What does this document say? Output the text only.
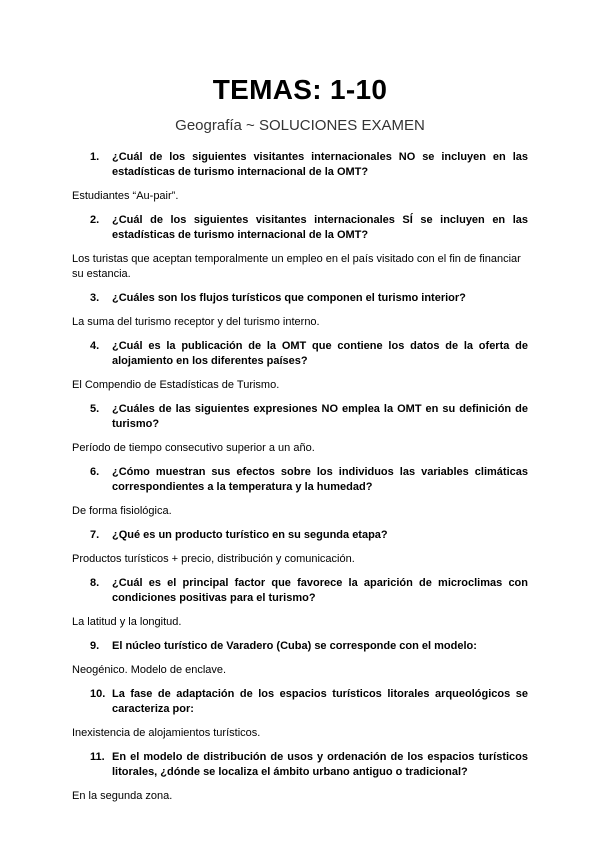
TEMAS: 1-10
Geografía ~ SOLUCIONES EXAMEN
1.	¿Cuál de los siguientes visitantes internacionales NO se incluyen en las estadísticas de turismo internacional de la OMT?
Estudiantes “Au-pair”.
2.	¿Cuál de los siguientes visitantes internacionales SÍ se incluyen en las estadísticas de turismo internacional de la OMT?
Los turistas que aceptan temporalmente un empleo en el país visitado con el fin de financiar su estancia.
3.	¿Cuáles son los flujos turísticos que componen el turismo interior?
La suma del turismo receptor y del turismo interno.
4.	¿Cuál es la publicación de la OMT que contiene los datos de la oferta de alojamiento en los diferentes países?
El Compendio de Estadísticas de Turismo.
5.	¿Cuáles de las siguientes expresiones NO emplea la OMT en su definición de turismo?
Período de tiempo consecutivo superior a un año.
6.	¿Cómo muestran sus efectos sobre los individuos las variables climáticas correspondientes a la temperatura y la humedad?
De forma fisiológica.
7.	¿Qué es un producto turístico en su segunda etapa?
Productos turísticos + precio, distribución y comunicación.
8.	¿Cuál es el principal factor que favorece la aparición de microclimas con condiciones positivas para el turismo?
La latitud y la longitud.
9.	El núcleo turístico de Varadero (Cuba) se corresponde con el modelo:
Neogénico. Modelo de enclave.
10. La fase de adaptación de los espacios turísticos litorales arqueológicos se caracteriza por:
Inexistencia de alojamientos turísticos.
11. En el modelo de distribución de usos y ordenación de los espacios turísticos litorales, ¿dónde se localiza el ámbito urbano antiguo o tradicional?
En la segunda zona.
